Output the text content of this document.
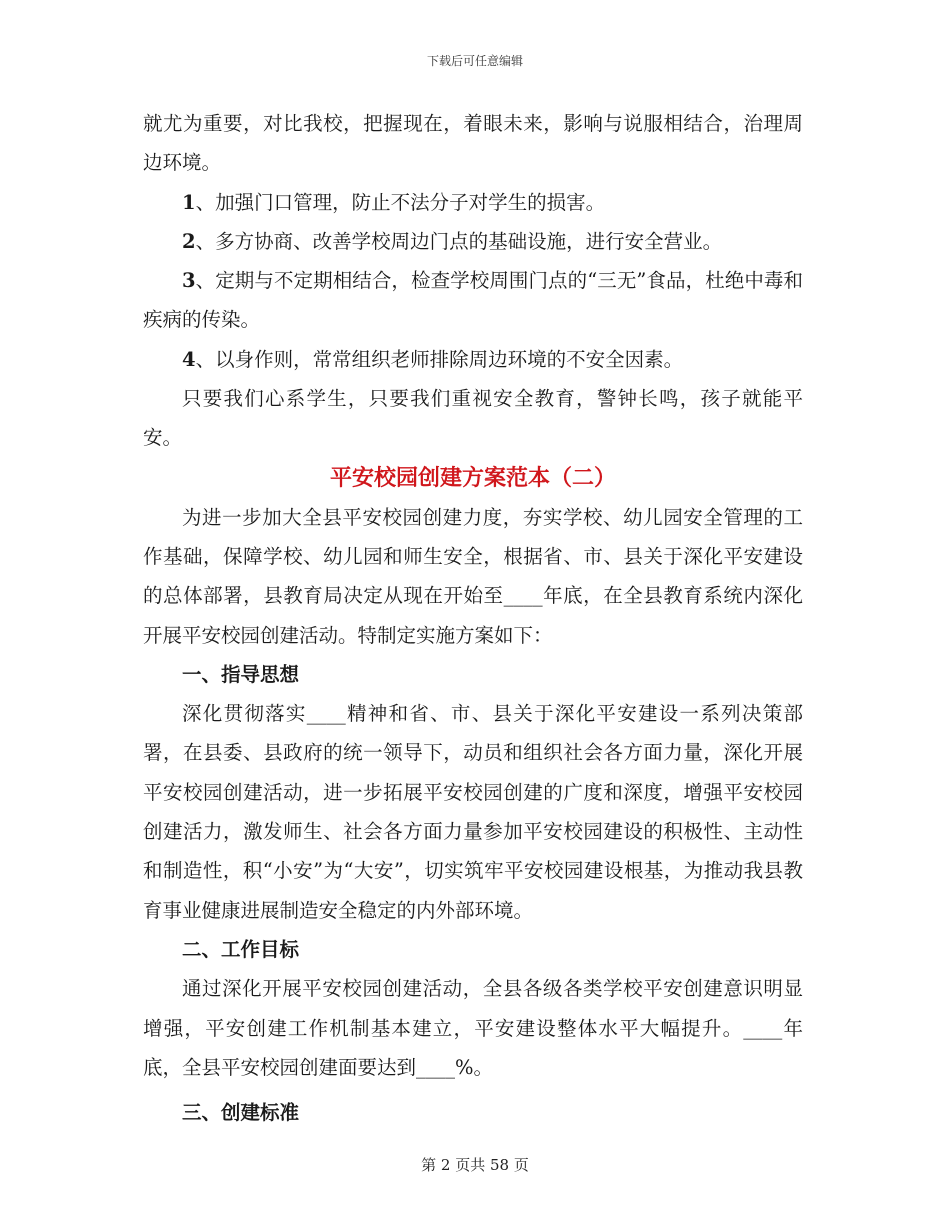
下载后可任意编辑

就尤为重要，对比我校，把握现在，着眼未来，影响与说服相结合，治理周边环境。

1、加强门口管理，防止不法分子对学生的损害。

2、多方协商、改善学校周边门点的基础设施，进行安全营业。

3、定期与不定期相结合，检查学校周围门点的“三无”食品，杜绝中毒和疾病的传染。

4、以身作则，常常组织老师排除周边环境的不安全因素。

只要我们心系学生，只要我们重视安全教育，警钟长鸣，孩子就能平安。

平安校园创建方案范本（二）

为进一步加大全县平安校园创建力度，夯实学校、幼儿园安全管理的工作基础，保障学校、幼儿园和师生安全，根据省、市、县关于深化平安建设的总体部署，县教育局决定从现在开始至____年底，在全县教育系统内深化开展平安校园创建活动。特制定实施方案如下：

一、指导思想

深化贯彻落实____精神和省、市、县关于深化平安建设一系列决策部署，在县委、县政府的统一领导下，动员和组织社会各方面力量，深化开展平安校园创建活动，进一步拓展平安校园创建的广度和深度，增强平安校园创建活力，激发师生、社会各方面力量参加平安校园建设的积极性、主动性和制造性，积“小安”为“大安”，切实筑牢平安校园建设根基，为推动我县教育事业健康进展制造安全稳定的内外部环境。

二、工作目标

通过深化开展平安校园创建活动，全县各级各类学校平安创建意识明显增强，平安创建工作机制基本建立，平安建设整体水平大幅提升。____年底，全县平安校园创建面要达到____%。

三、创建标准

第 2 页共 58 页
